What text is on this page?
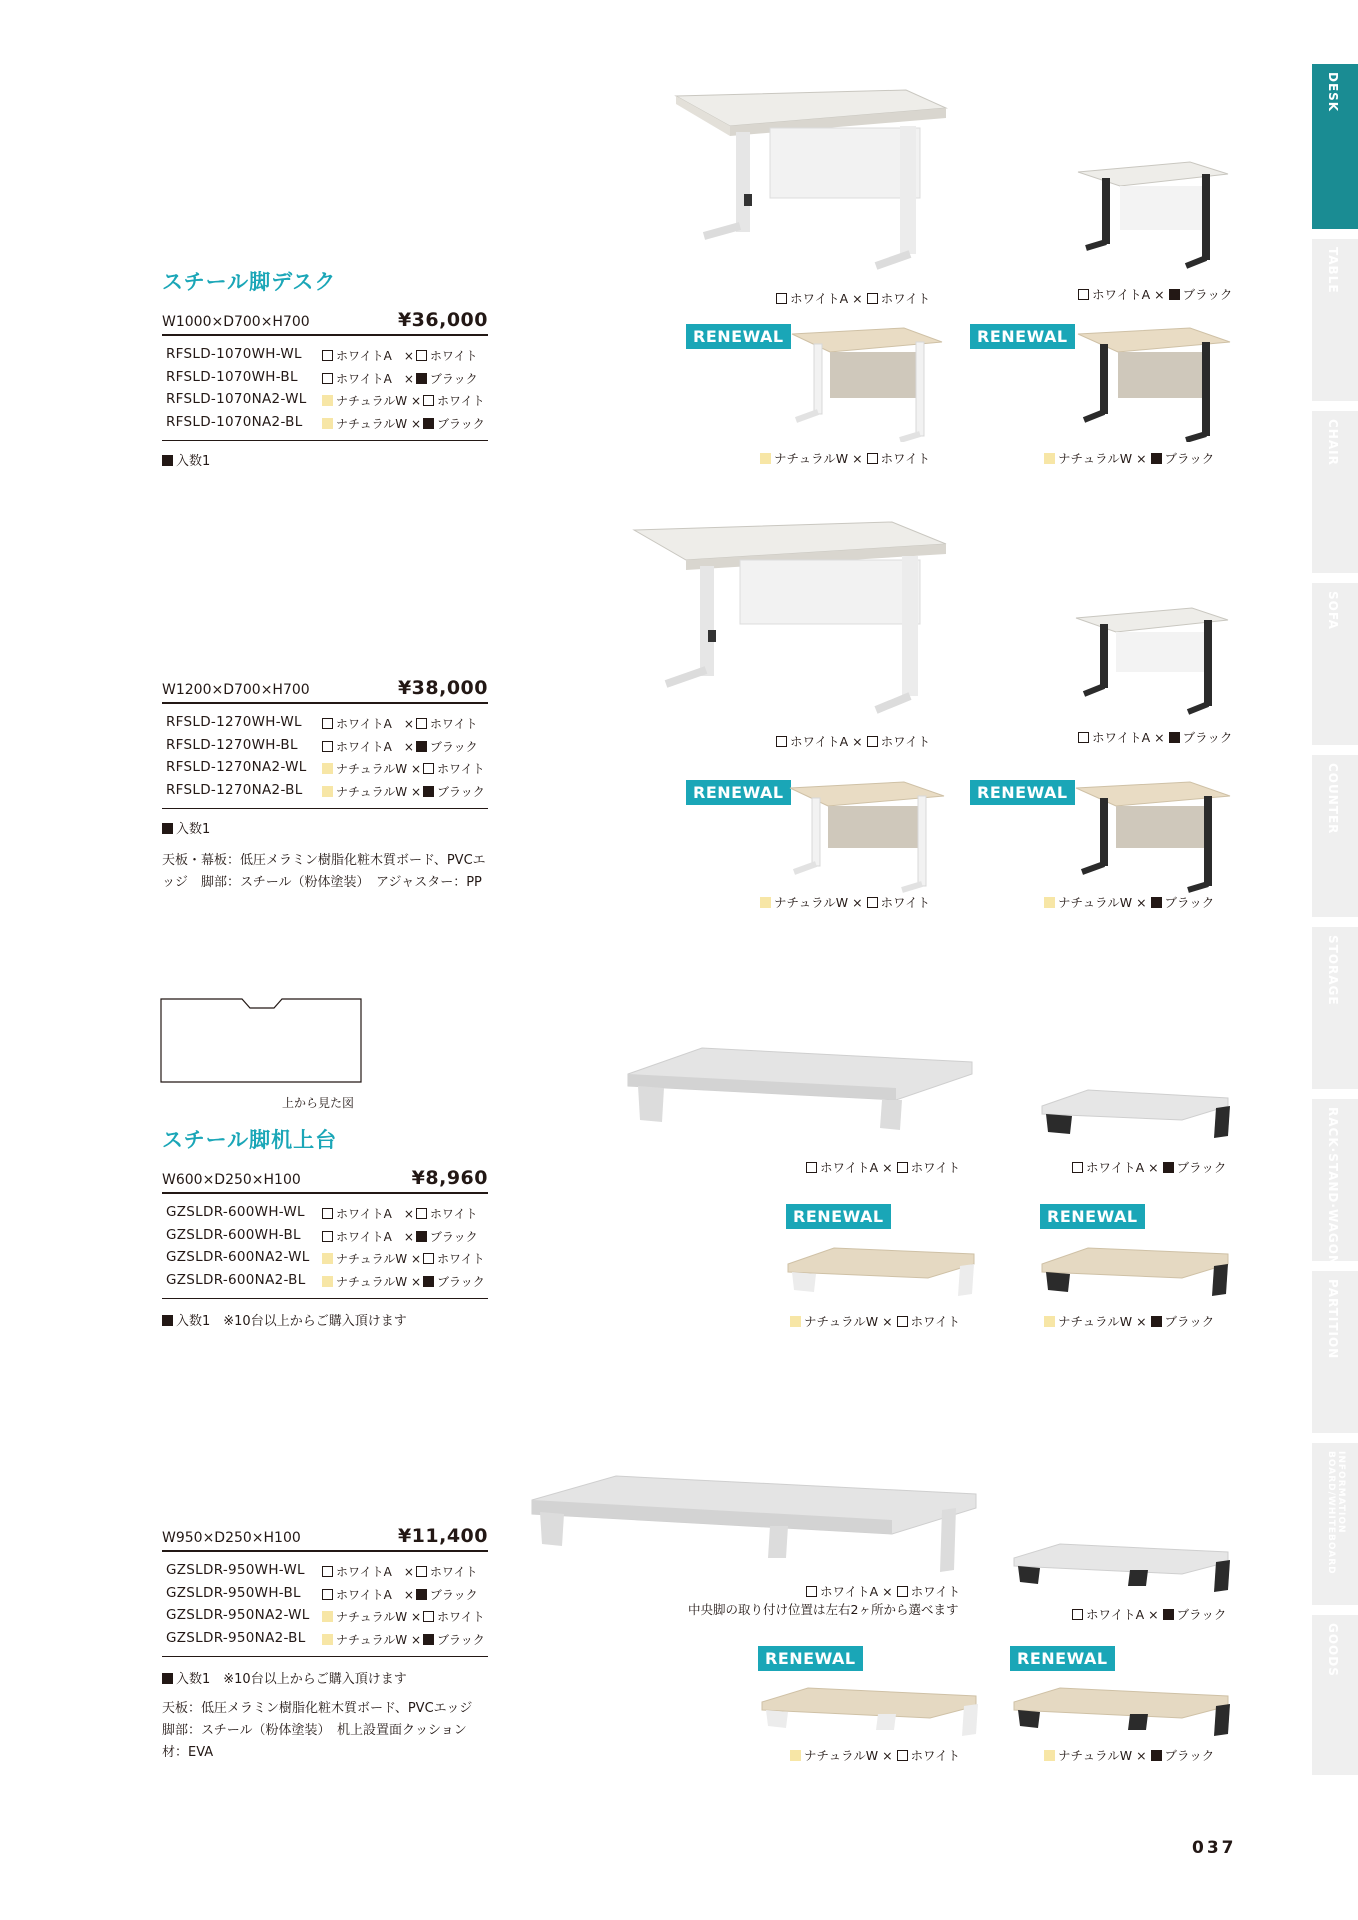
DESK
TABLE
CHAIR
SOFA
COUNTER
STORAGE
RACK·STAND·WAGON
PARTITION
INFORMATION BOARD/WHITEBOARD
GOODS
スチール脚デスク
W1000×D700×H700	¥36,000
RFSLD-1070WH-WL	ホワイトA　× ホワイト
RFSLD-1070WH-BL	ホワイトA　× ブラック
RFSLD-1070NA2-WL	ナチュラルW × ホワイト
RFSLD-1070NA2-BL	ナチュラルW × ブラック
入数1
W1200×D700×H700	¥38,000
RFSLD-1270WH-WL	ホワイトA　× ホワイト
RFSLD-1270WH-BL	ホワイトA　× ブラック
RFSLD-1270NA2-WL	ナチュラルW × ホワイト
RFSLD-1270NA2-BL	ナチュラルW × ブラック
入数1
天板・幕板：低圧メラミン樹脂化粧木質ボード、PVCエッジ　脚部：スチール（粉体塗装）　アジャスター：PP
上から見た図
スチール脚机上台
W600×D250×H100	¥8,960
GZSLDR-600WH-WL	ホワイトA　× ホワイト
GZSLDR-600WH-BL	ホワイトA　× ブラック
GZSLDR-600NA2-WL	ナチュラルW × ホワイト
GZSLDR-600NA2-BL	ナチュラルW × ブラック
入数1　※10台以上からご購入頂けます
W950×D250×H100	¥11,400
GZSLDR-950WH-WL	ホワイトA　× ホワイト
GZSLDR-950WH-BL	ホワイトA　× ブラック
GZSLDR-950NA2-WL	ナチュラルW × ホワイト
GZSLDR-950NA2-BL	ナチュラルW × ブラック
入数1　※10台以上からご購入頂けます
天板：低圧メラミン樹脂化粧木質ボード、PVCエッジ　脚部：スチール（粉体塗装）　机上設置面クッション材：EVA
ホワイトA × ホワイト	ホワイトA × ブラック
RENEWAL	RENEWAL
ナチュラルW × ホワイト	ナチュラルW × ブラック
ホワイトA × ホワイト	ホワイトA × ブラック
RENEWAL	RENEWAL
ナチュラルW × ホワイト	ナチュラルW × ブラック
ホワイトA × ホワイト	ホワイトA × ブラック
RENEWAL	RENEWAL
ナチュラルW × ホワイト	ナチュラルW × ブラック
ホワイトA × ホワイト
中央脚の取り付け位置は左右2ヶ所から選べます	ホワイトA × ブラック
RENEWAL	RENEWAL
ナチュラルW × ホワイト	ナチュラルW × ブラック
037
